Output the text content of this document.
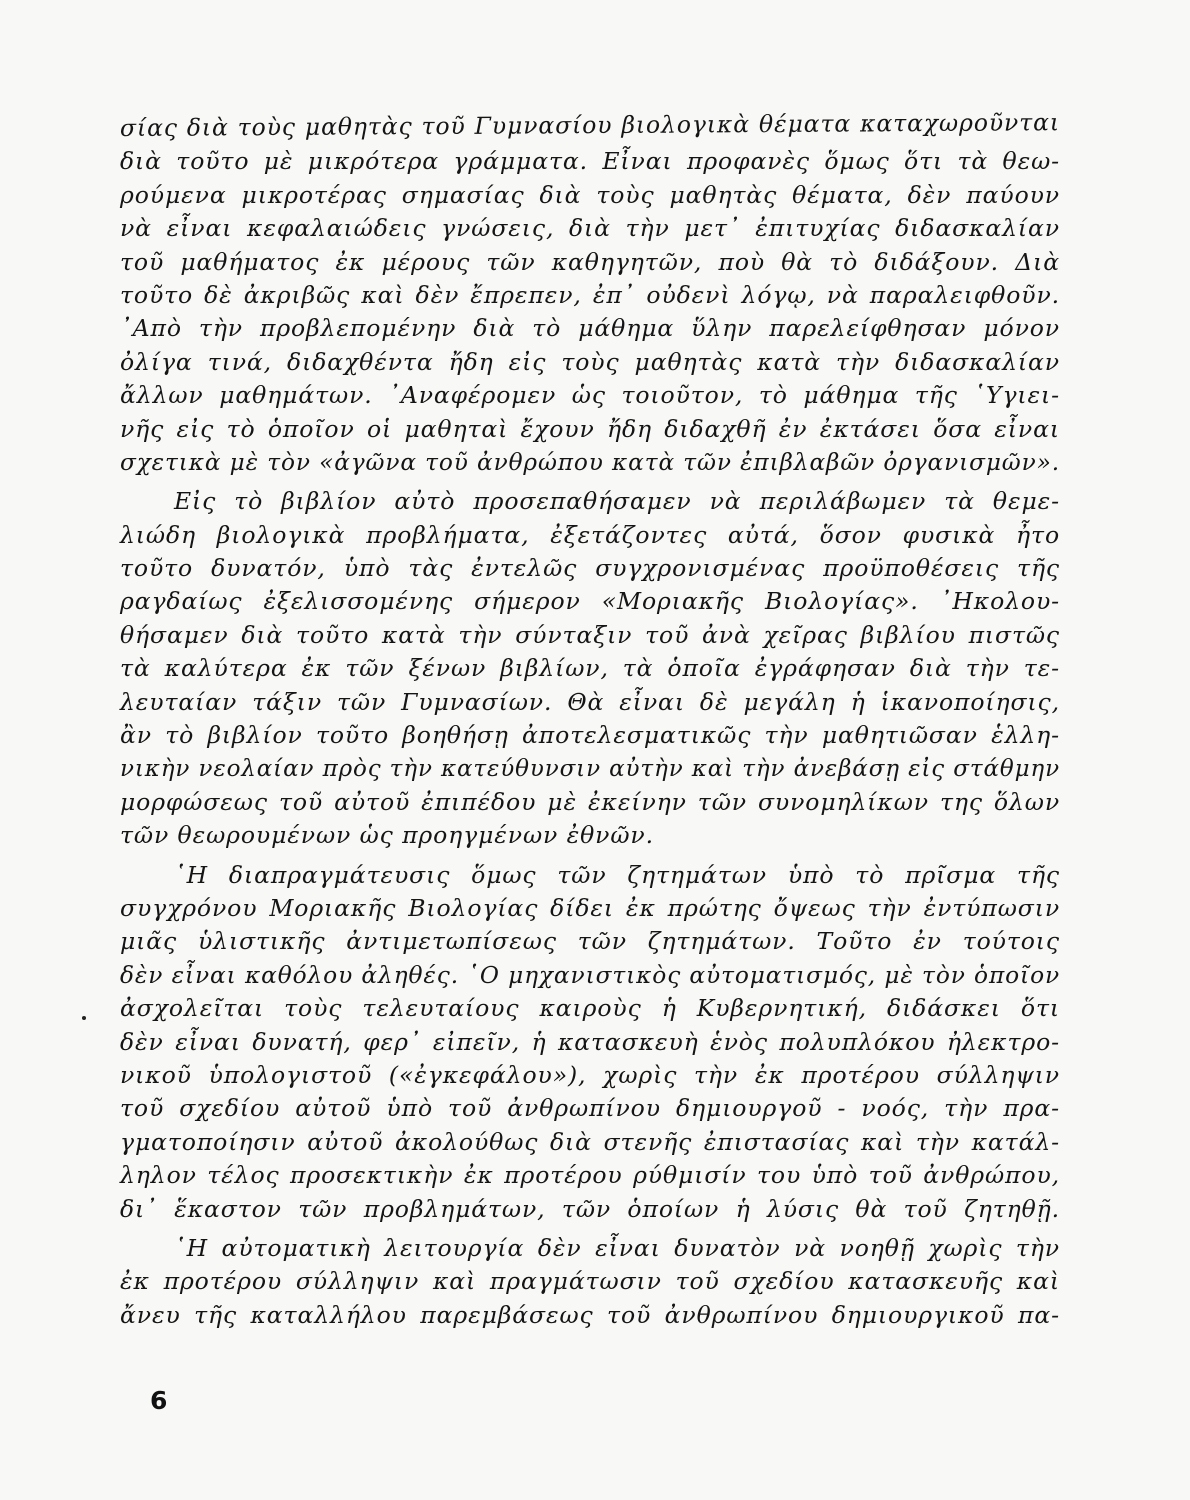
σίας διὰ τοὺς μαθητὰς τοῦ Γυμνασίου βιολογικὰ θέματα καταχωροῦνται
διὰ τοῦτο μὲ μικρότερα γράμματα. Εἶναι προφανὲς ὅμως ὅτι τὰ θεω-
ρούμενα μικροτέρας σημασίας διὰ τοὺς μαθητὰς θέματα, δὲν παύουν
νὰ εἶναι κεφαλαιώδεις γνώσεις, διὰ τὴν μετ᾽ ἐπιτυχίας διδασκαλίαν
τοῦ μαθήματος ἐκ μέρους τῶν καθηγητῶν, ποὺ θὰ τὸ διδάξουν. Διὰ
τοῦτο δὲ ἀκριβῶς καὶ δὲν ἔπρεπεν, ἐπ᾽ οὐδενὶ λόγῳ, νὰ παραλειφθοῦν.
᾽Απὸ τὴν προβλεπομένην διὰ τὸ μάθημα ὕλην παρελείφθησαν μόνον
ὀλίγα τινά, διδαχθέντα ἤδη εἰς τοὺς μαθητὰς κατὰ τὴν διδασκαλίαν
ἄλλων μαθημάτων. ᾽Αναφέρομεν ὡς τοιοῦτον, τὸ μάθημα τῆς ῾Υγιει-
νῆς εἰς τὸ ὁποῖον οἱ μαθηταὶ ἔχουν ἤδη διδαχθῆ ἐν ἐκτάσει ὅσα εἶναι
σχετικὰ μὲ τὸν «ἀγῶνα τοῦ ἀνθρώπου κατὰ τῶν ἐπιβλαβῶν ὀργανισμῶν».

Εἰς τὸ βιβλίον αὐτὸ προσεπαθήσαμεν νὰ περιλάβωμεν τὰ θεμε-
λιώδη βιολογικὰ προβλήματα, ἐξετάζοντες αὐτά, ὅσον φυσικὰ ἦτο
τοῦτο δυνατόν, ὑπὸ τὰς ἐντελῶς συγχρονισμένας προϋποθέσεις τῆς
ραγδαίως ἐξελισσομένης σήμερον «Μοριακῆς Βιολογίας». ᾽Ηκολου-
θήσαμεν διὰ τοῦτο κατὰ τὴν σύνταξιν τοῦ ἀνὰ χεῖρας βιβλίου πιστῶς
τὰ καλύτερα ἐκ τῶν ξένων βιβλίων, τὰ ὁποῖα ἐγράφησαν διὰ τὴν τε-
λευταίαν τάξιν τῶν Γυμνασίων. Θὰ εἶναι δὲ μεγάλη ἡ ἱκανοποίησις,
ἂν τὸ βιβλίον τοῦτο βοηθήσῃ ἀποτελεσματικῶς τὴν μαθητιῶσαν ἑλλη-
νικὴν νεολαίαν πρὸς τὴν κατεύθυνσιν αὐτὴν καὶ τὴν ἀνεβάσῃ εἰς στάθμην
μορφώσεως τοῦ αὐτοῦ ἐπιπέδου μὲ ἐκείνην τῶν συνομηλίκων της ὅλων
τῶν θεωρουμένων ὡς προηγμένων ἐθνῶν.

῾Η διαπραγμάτευσις ὅμως τῶν ζητημάτων ὑπὸ τὸ πρῖσμα τῆς
συγχρόνου Μοριακῆς Βιολογίας δίδει ἐκ πρώτης ὄψεως τὴν ἐντύπωσιν
μιᾶς ὑλιστικῆς ἀντιμετωπίσεως τῶν ζητημάτων. Τοῦτο ἐν τούτοις
δὲν εἶναι καθόλου ἀληθές. ῾Ο μηχανιστικὸς αὐτοματισμός, μὲ τὸν ὁποῖον
ἀσχολεῖται τοὺς τελευταίους καιροὺς ἡ Κυβερνητική, διδάσκει ὅτι
δὲν εἶναι δυνατή, φερ᾽ εἰπεῖν, ἡ κατασκευὴ ἑνὸς πολυπλόκου ἠλεκτρο-
νικοῦ ὑπολογιστοῦ («ἐγκεφάλου»), χωρὶς τὴν ἐκ προτέρου σύλληψιν
τοῦ σχεδίου αὐτοῦ ὑπὸ τοῦ ἀνθρωπίνου δημιουργοῦ - νοός, τὴν πρα-
γματοποίησιν αὐτοῦ ἀκολούθως διὰ στενῆς ἐπιστασίας καὶ τὴν κατάλ-
ληλον τέλος προσεκτικὴν ἐκ προτέρου ρύθμισίν του ὑπὸ τοῦ ἀνθρώπου,
δι᾽ ἕκαστον τῶν προβλημάτων, τῶν ὁποίων ἡ λύσις θὰ τοῦ ζητηθῇ.

῾Η αὐτοματικὴ λειτουργία δὲν εἶναι δυνατὸν νὰ νοηθῇ χωρὶς τὴν
ἐκ προτέρου σύλληψιν καὶ πραγμάτωσιν τοῦ σχεδίου κατασκευῆς καὶ
ἄνευ τῆς καταλλήλου παρεμβάσεως τοῦ ἀνθρωπίνου δημιουργικοῦ πα-

6
